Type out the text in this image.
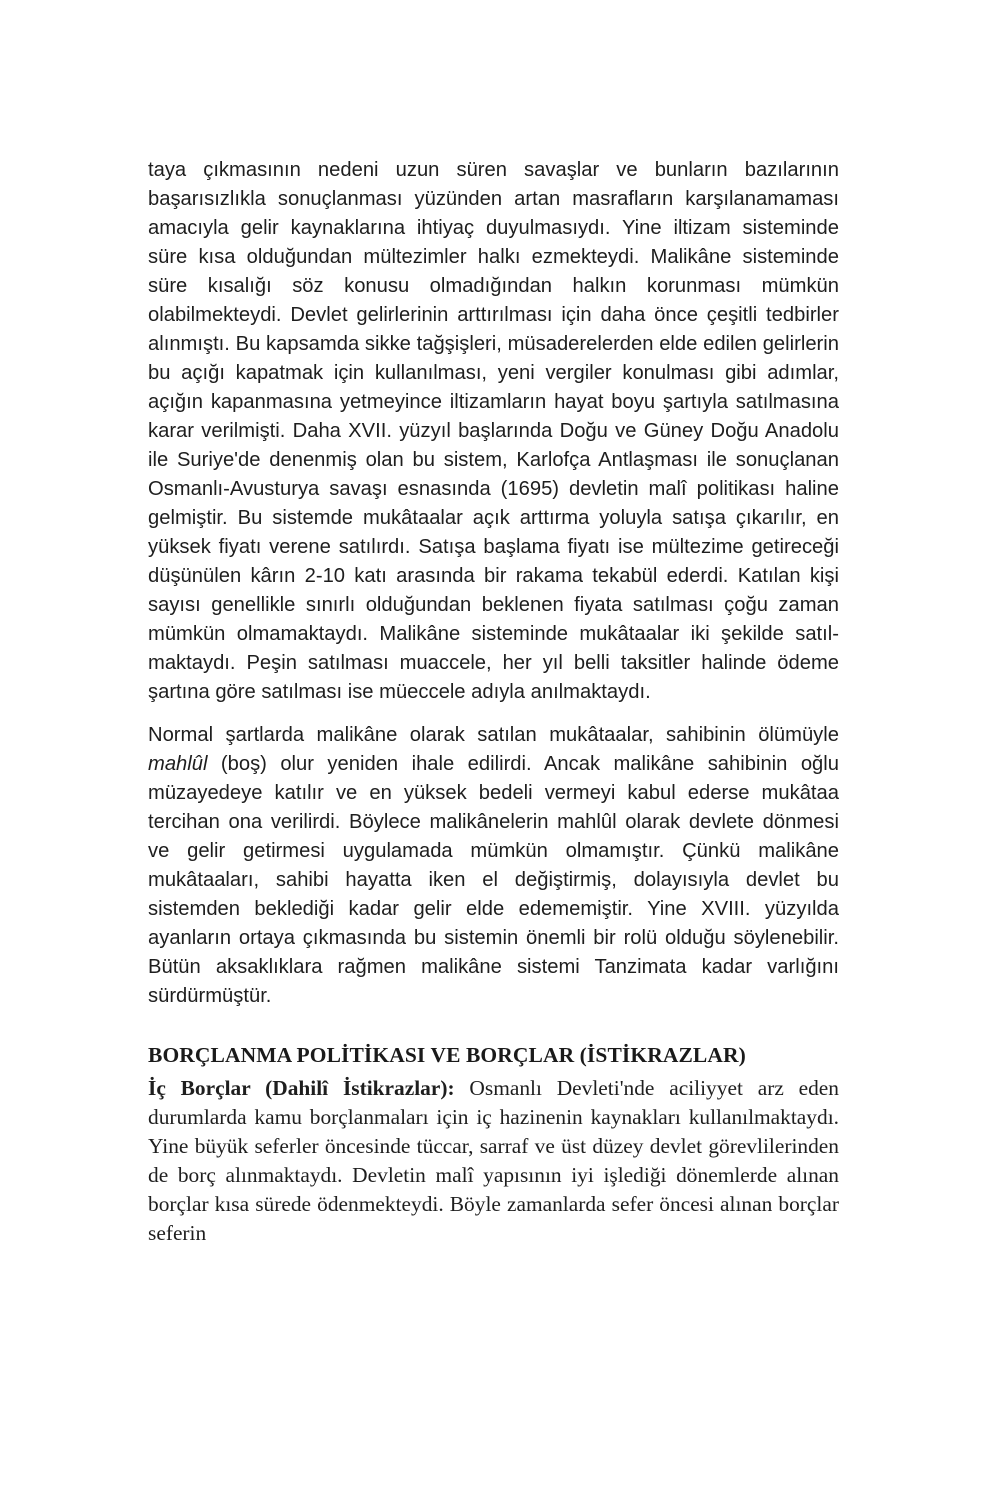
taya çıkmasının nedeni uzun süren savaşlar ve bunların bazılarının başarısızlıkla sonuçlanması yüzünden artan masrafların karşılanamaması amacıyla gelir kaynaklarına ihtiyaç duyulmasıydı. Yine iltizam sisteminde süre kısa olduğundan mültezimler halkı ezmekteydi. Malikâne sisteminde süre kısalığı söz konusu olmadığından halkın korunması mümkün olabilmekteydi. Devlet gelirlerinin arttırılması için daha önce çeşitli tedbirler alınmıştı. Bu kapsamda sikke tağşişleri, müsaderelerden elde edilen gelirlerin bu açığı kapatmak için kullanılması, yeni vergiler konulması gibi adımlar, açığın kapanmasına yetmeyince iltizamların hayat boyu şartıyla satılmasına karar verilmişti. Daha XVII. yüzyıl başlarında Doğu ve Güney Doğu Anadolu ile Suriye'de denenmiş olan bu sistem, Karlofça Antlaşması ile sonuçlanan Osmanlı-Avusturya savaşı esnasında (1695) devletin malî politikası haline gelmiştir. Bu sistemde mukâtaalar açık arttırma yoluyla satışa çıkarılır, en yüksek fiyatı verene satılırdı. Satışa başlama fiyatı ise mültezime getireceği düşünülen kârın 2-10 katı arasında bir rakama tekabül ederdi. Katılan kişi sayısı genellikle sınırlı olduğundan beklenen fiyata satılması çoğu zaman mümkün olmamaktaydı. Malikâne sisteminde mukâtaalar iki şekilde satılmaktaydı. Peşin satılması muaccele, her yıl belli taksitler halinde ödeme şartına göre satılması ise müeccele adıyla anılmaktaydı.

Normal şartlarda malikâne olarak satılan mukâtaalar, sahibinin ölümüyle mahlûl (boş) olur yeniden ihale edilirdi. Ancak malikâne sahibinin oğlu müzayedeye katılır ve en yüksek bedeli vermeyi kabul ederse mukâtaa tercihan ona verilirdi. Böylece malikânelerin mahlûl olarak devlete dönmesi ve gelir getirmesi uygulamada mümkün olmamıştır. Çünkü malikâne mukâtaaları, sahibi hayatta iken el değiştirmiş, dolayısıyla devlet bu sistemden beklediği kadar gelir elde edememiştir. Yine XVIII. yüzyılda ayanların ortaya çıkmasında bu sistemin önemli bir rolü olduğu söylenebilir. Bütün aksaklıklara rağmen malikâne sistemi Tanzimata kadar varlığını sürdürmüştür.

BORÇLANMA POLİTİKASI VE BORÇLAR (İSTİKRAZLAR)

İç Borçlar (Dahilî İstikrazlar): Osmanlı Devleti'nde aciliyyet arz eden durumlarda kamu borçlanmaları için iç hazinenin kaynakları kullanılmaktaydı. Yine büyük seferler öncesinde tüccar, sarraf ve üst düzey devlet görevlilerinden de borç alınmaktaydı. Devletin malî yapısının iyi işlediği dönemlerde alınan borçlar kısa sürede ödenmekteydi. Böyle zamanlarda sefer öncesi alınan borçlar seferin
